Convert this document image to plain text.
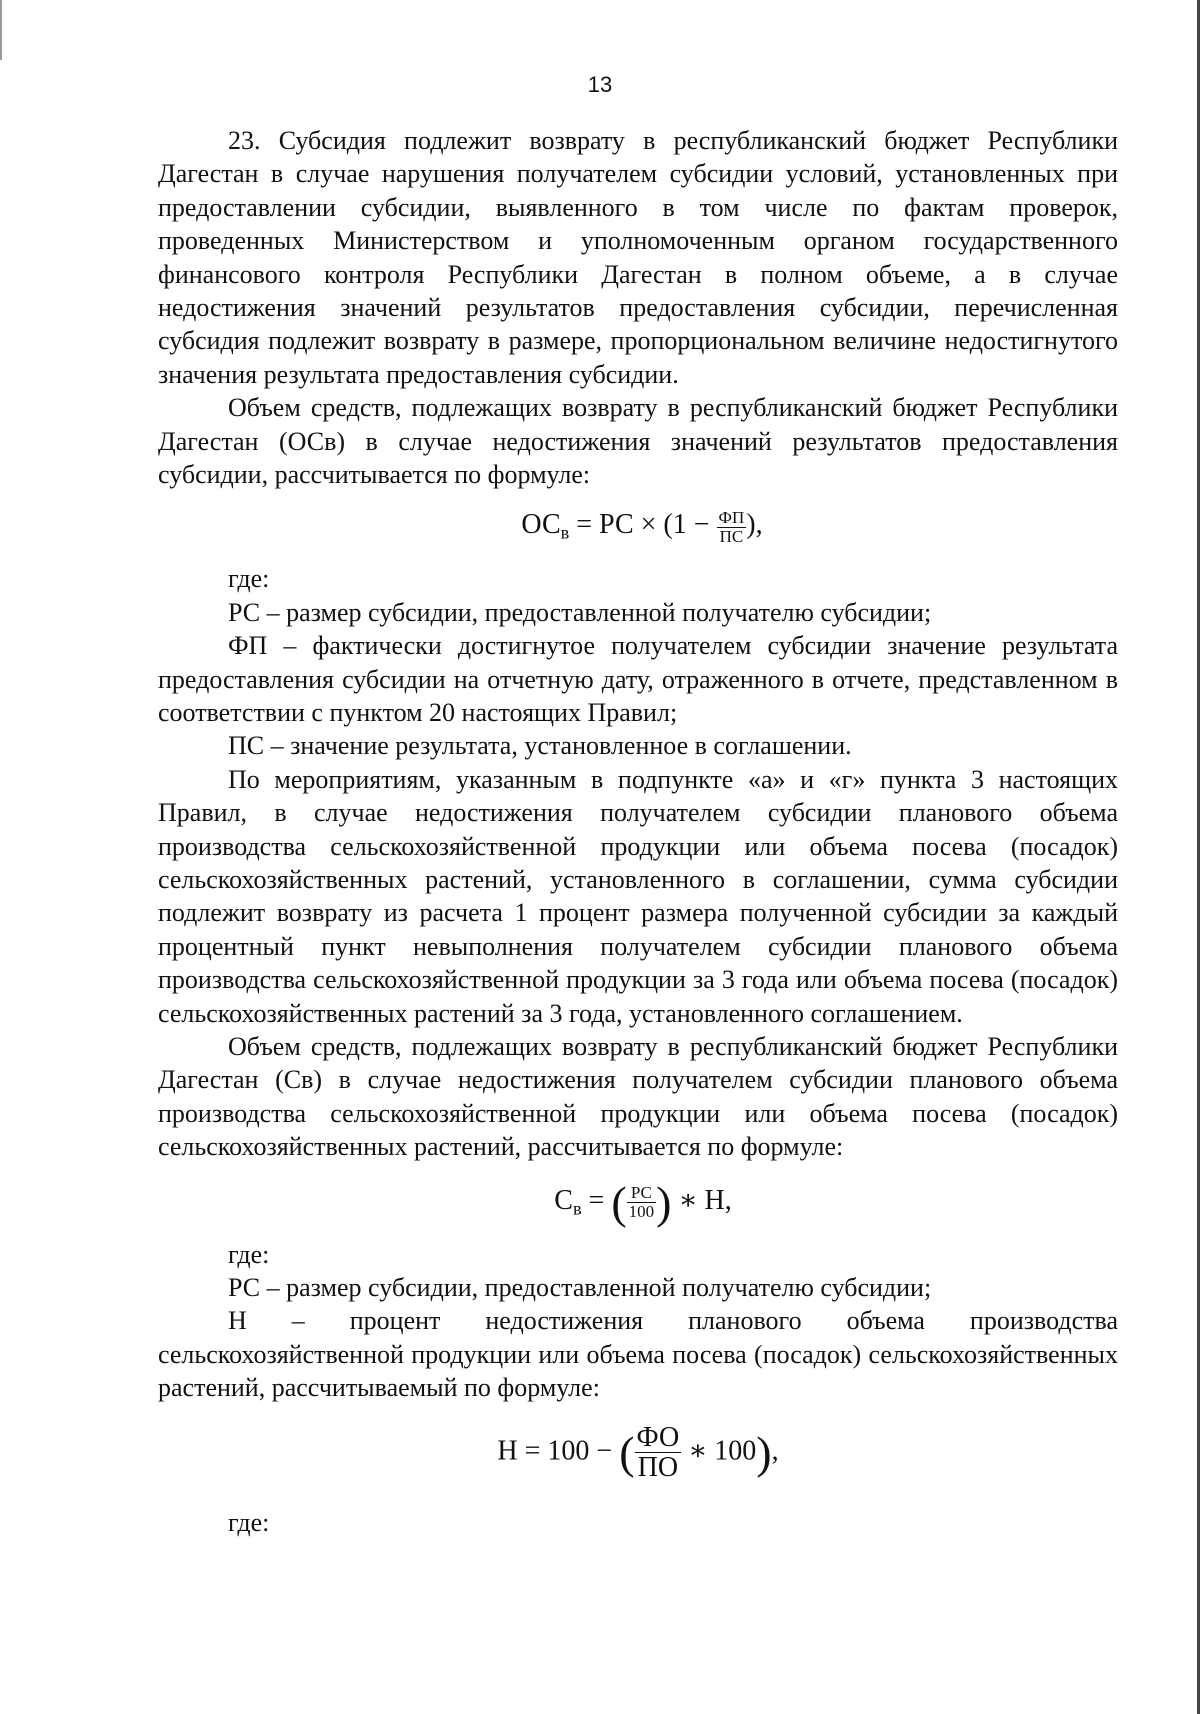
13

23. Субсидия подлежит возврату в республиканский бюджет Республики Дагестан в случае нарушения получателем субсидии условий, установленных при предоставлении субсидии, выявленного в том числе по фактам проверок, проведенных Министерством и уполномоченным органом государственного финансового контроля Республики Дагестан в полном объеме, а в случае недостижения значений результатов предоставления субсидии, перечисленная субсидия подлежит возврату в размере, пропорциональном величине недостигнутого значения результата предоставления субсидии.

Объем средств, подлежащих возврату в республиканский бюджет Республики Дагестан (ОСв) в случае недостижения значений результатов предоставления субсидии, рассчитывается по формуле:

$ОС_в$ = РС × ($1 - \frac{ФП}{ПС}$ ),

где:

РС – размер субсидии, предоставленной получателю субсидии;

ФП – фактически достигнутое получателем субсидии значение результата предоставления субсидии на отчетную дату, отраженного в отчете, представленном в соответствии с пунктом 20 настоящих Правил;

ПС – значение результата, установленное в соглашении.

По мероприятиям, указанным в подпункте «а» и «г» пункта 3 настоящих Правил, в случае недостижения получателем субсидии планового объема производства сельскохозяйственной продукции или объема посева (посадок) сельскохозяйственных растений, установленного в соглашении, сумма субсидии подлежит возврату из расчета 1 процент размера полученной субсидии за каждый процентный пункт невыполнения получателем субсидии планового объема производства сельскохозяйственной продукции за 3 года или объема посева (посадок) сельскохозяйственных растений за 3 года, установленного соглашением.

Объем средств, подлежащих возврату в республиканский бюджет Республики Дагестан (Св) в случае недостижения получателем субсидии планового объема производства сельскохозяйственной продукции или объема посева (посадок) сельскохозяйственных растений, рассчитывается по формуле:

$С_в$ = ( $\frac{РС}{100}$ ) ∗ Н,

где:

РС – размер субсидии, предоставленной получателю субсидии;

Н – процент недостижения планового объема производства сельскохозяйственной продукции или объема посева (посадок) сельскохозяйственных растений, рассчитываемый по формуле:

Н = 100 − ( $\frac{ФО}{ПО}$ ∗ 100),

где:
